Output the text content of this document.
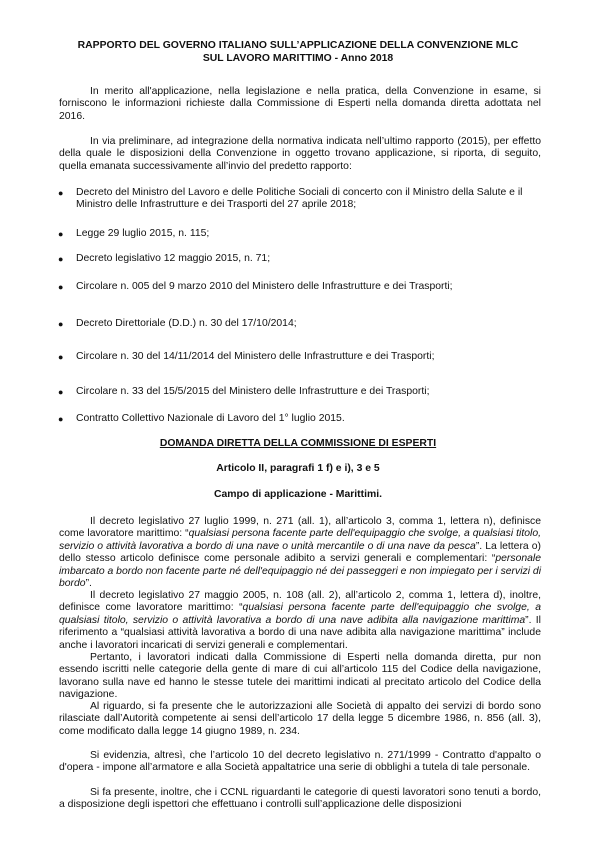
RAPPORTO DEL GOVERNO ITALIANO SULL’APPLICAZIONE DELLA CONVENZIONE MLC
SUL LAVORO MARITTIMO - Anno 2018

In merito all'applicazione, nella legislazione e nella pratica, della Convenzione in esame, si forniscono le informazioni richieste dalla Commissione di Esperti nella domanda diretta adottata nel 2016.

In via preliminare, ad integrazione della normativa indicata nell’ultimo rapporto (2015), per effetto della quale le disposizioni della Convenzione in oggetto trovano applicazione, si riporta, di seguito, quella emanata successivamente all’invio del predetto rapporto:

● Decreto del Ministro del Lavoro e delle Politiche Sociali di concerto con il Ministro della Salute e il Ministro delle Infrastrutture e dei Trasporti del 27 aprile 2018;
● Legge 29 luglio 2015, n. 115;
● Decreto legislativo 12 maggio 2015, n. 71;
● Circolare n. 005 del 9 marzo 2010 del Ministero delle Infrastrutture e dei Trasporti;
● Decreto Direttoriale (D.D.) n. 30 del 17/10/2014;
● Circolare n. 30 del 14/11/2014 del Ministero delle Infrastrutture e dei Trasporti;
● Circolare n. 33 del 15/5/2015 del Ministero delle Infrastrutture e dei Trasporti;
● Contratto Collettivo Nazionale di Lavoro del 1° luglio 2015.
DOMANDA DIRETTA DELLA COMMISSIONE DI ESPERTI
Articolo II, paragrafi 1 f) e i), 3 e 5
Campo di applicazione - Marittimi.

Il decreto legislativo 27 luglio 1999, n. 271 (all. 1), all’articolo 3, comma 1, lettera n), definisce come lavoratore marittimo: “qualsiasi persona facente parte dell'equipaggio che svolge, a qualsiasi titolo, servizio o attività lavorativa a bordo di una nave o unità mercantile o di una nave da pesca”. La lettera o) dello stesso articolo definisce come personale adibito a servizi generali e complementari: “personale imbarcato a bordo non facente parte né dell'equipaggio né dei passeggeri e non impiegato per i servizi di bordo”.

Il decreto legislativo 27 maggio 2005, n. 108 (all. 2), all’articolo 2, comma 1, lettera d), inoltre, definisce come lavoratore marittimo: “qualsiasi persona facente parte dell'equipaggio che svolge, a qualsiasi titolo, servizio o attività lavorativa a bordo di una nave adibita alla navigazione marittima”. Il riferimento a “qualsiasi attività lavorativa a bordo di una nave adibita alla navigazione marittima” include anche i lavoratori incaricati di servizi generali e complementari.

Pertanto, i lavoratori indicati dalla Commissione di Esperti nella domanda diretta, pur non essendo iscritti nelle categorie della gente di mare di cui all’articolo 115 del Codice della navigazione, lavorano sulla nave ed hanno le stesse tutele dei marittimi indicati al precitato articolo del Codice della navigazione.

Al riguardo, si fa presente che le autorizzazioni alle Società di appalto dei servizi di bordo sono rilasciate dall’Autorità competente ai sensi dell’articolo 17 della legge 5 dicembre 1986, n. 856 (all. 3), come modificato dalla legge 14 giugno 1989, n. 234.

Si evidenzia, altresì, che l’articolo 10 del decreto legislativo n. 271/1999 - Contratto d'appalto o d'opera - impone all’armatore e alla Società appaltatrice una serie di obblighi a tutela di tale personale.

Si fa presente, inoltre, che i CCNL riguardanti le categorie di questi lavoratori sono tenuti a bordo, a disposizione degli ispettori che effettuano i controlli sull’applicazione delle disposizioni
